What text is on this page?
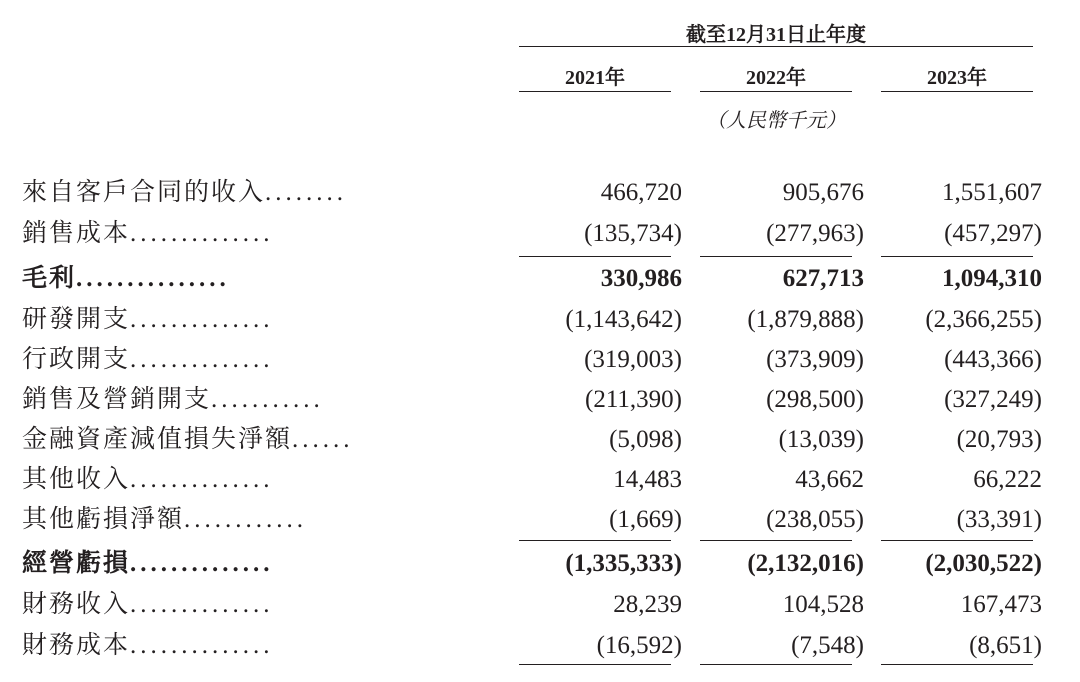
截至12月31日止年度
2021年	2022年	2023年
（人民幣千元）
來自客戶合同的收入........	466,720	905,676	1,551,607
銷售成本..............	(135,734)	(277,963)	(457,297)
毛利...............	330,986	627,713	1,094,310
研發開支..............	(1,143,642)	(1,879,888)	(2,366,255)
行政開支..............	(319,003)	(373,909)	(443,366)
銷售及營銷開支...........	(211,390)	(298,500)	(327,249)
金融資產減值損失淨額......	(5,098)	(13,039)	(20,793)
其他收入..............	14,483	43,662	66,222
其他虧損淨額............	(1,669)	(238,055)	(33,391)
經營虧損..............	(1,335,333)	(2,132,016)	(2,030,522)
財務收入..............	28,239	104,528	167,473
財務成本..............	(16,592)	(7,548)	(8,651)
